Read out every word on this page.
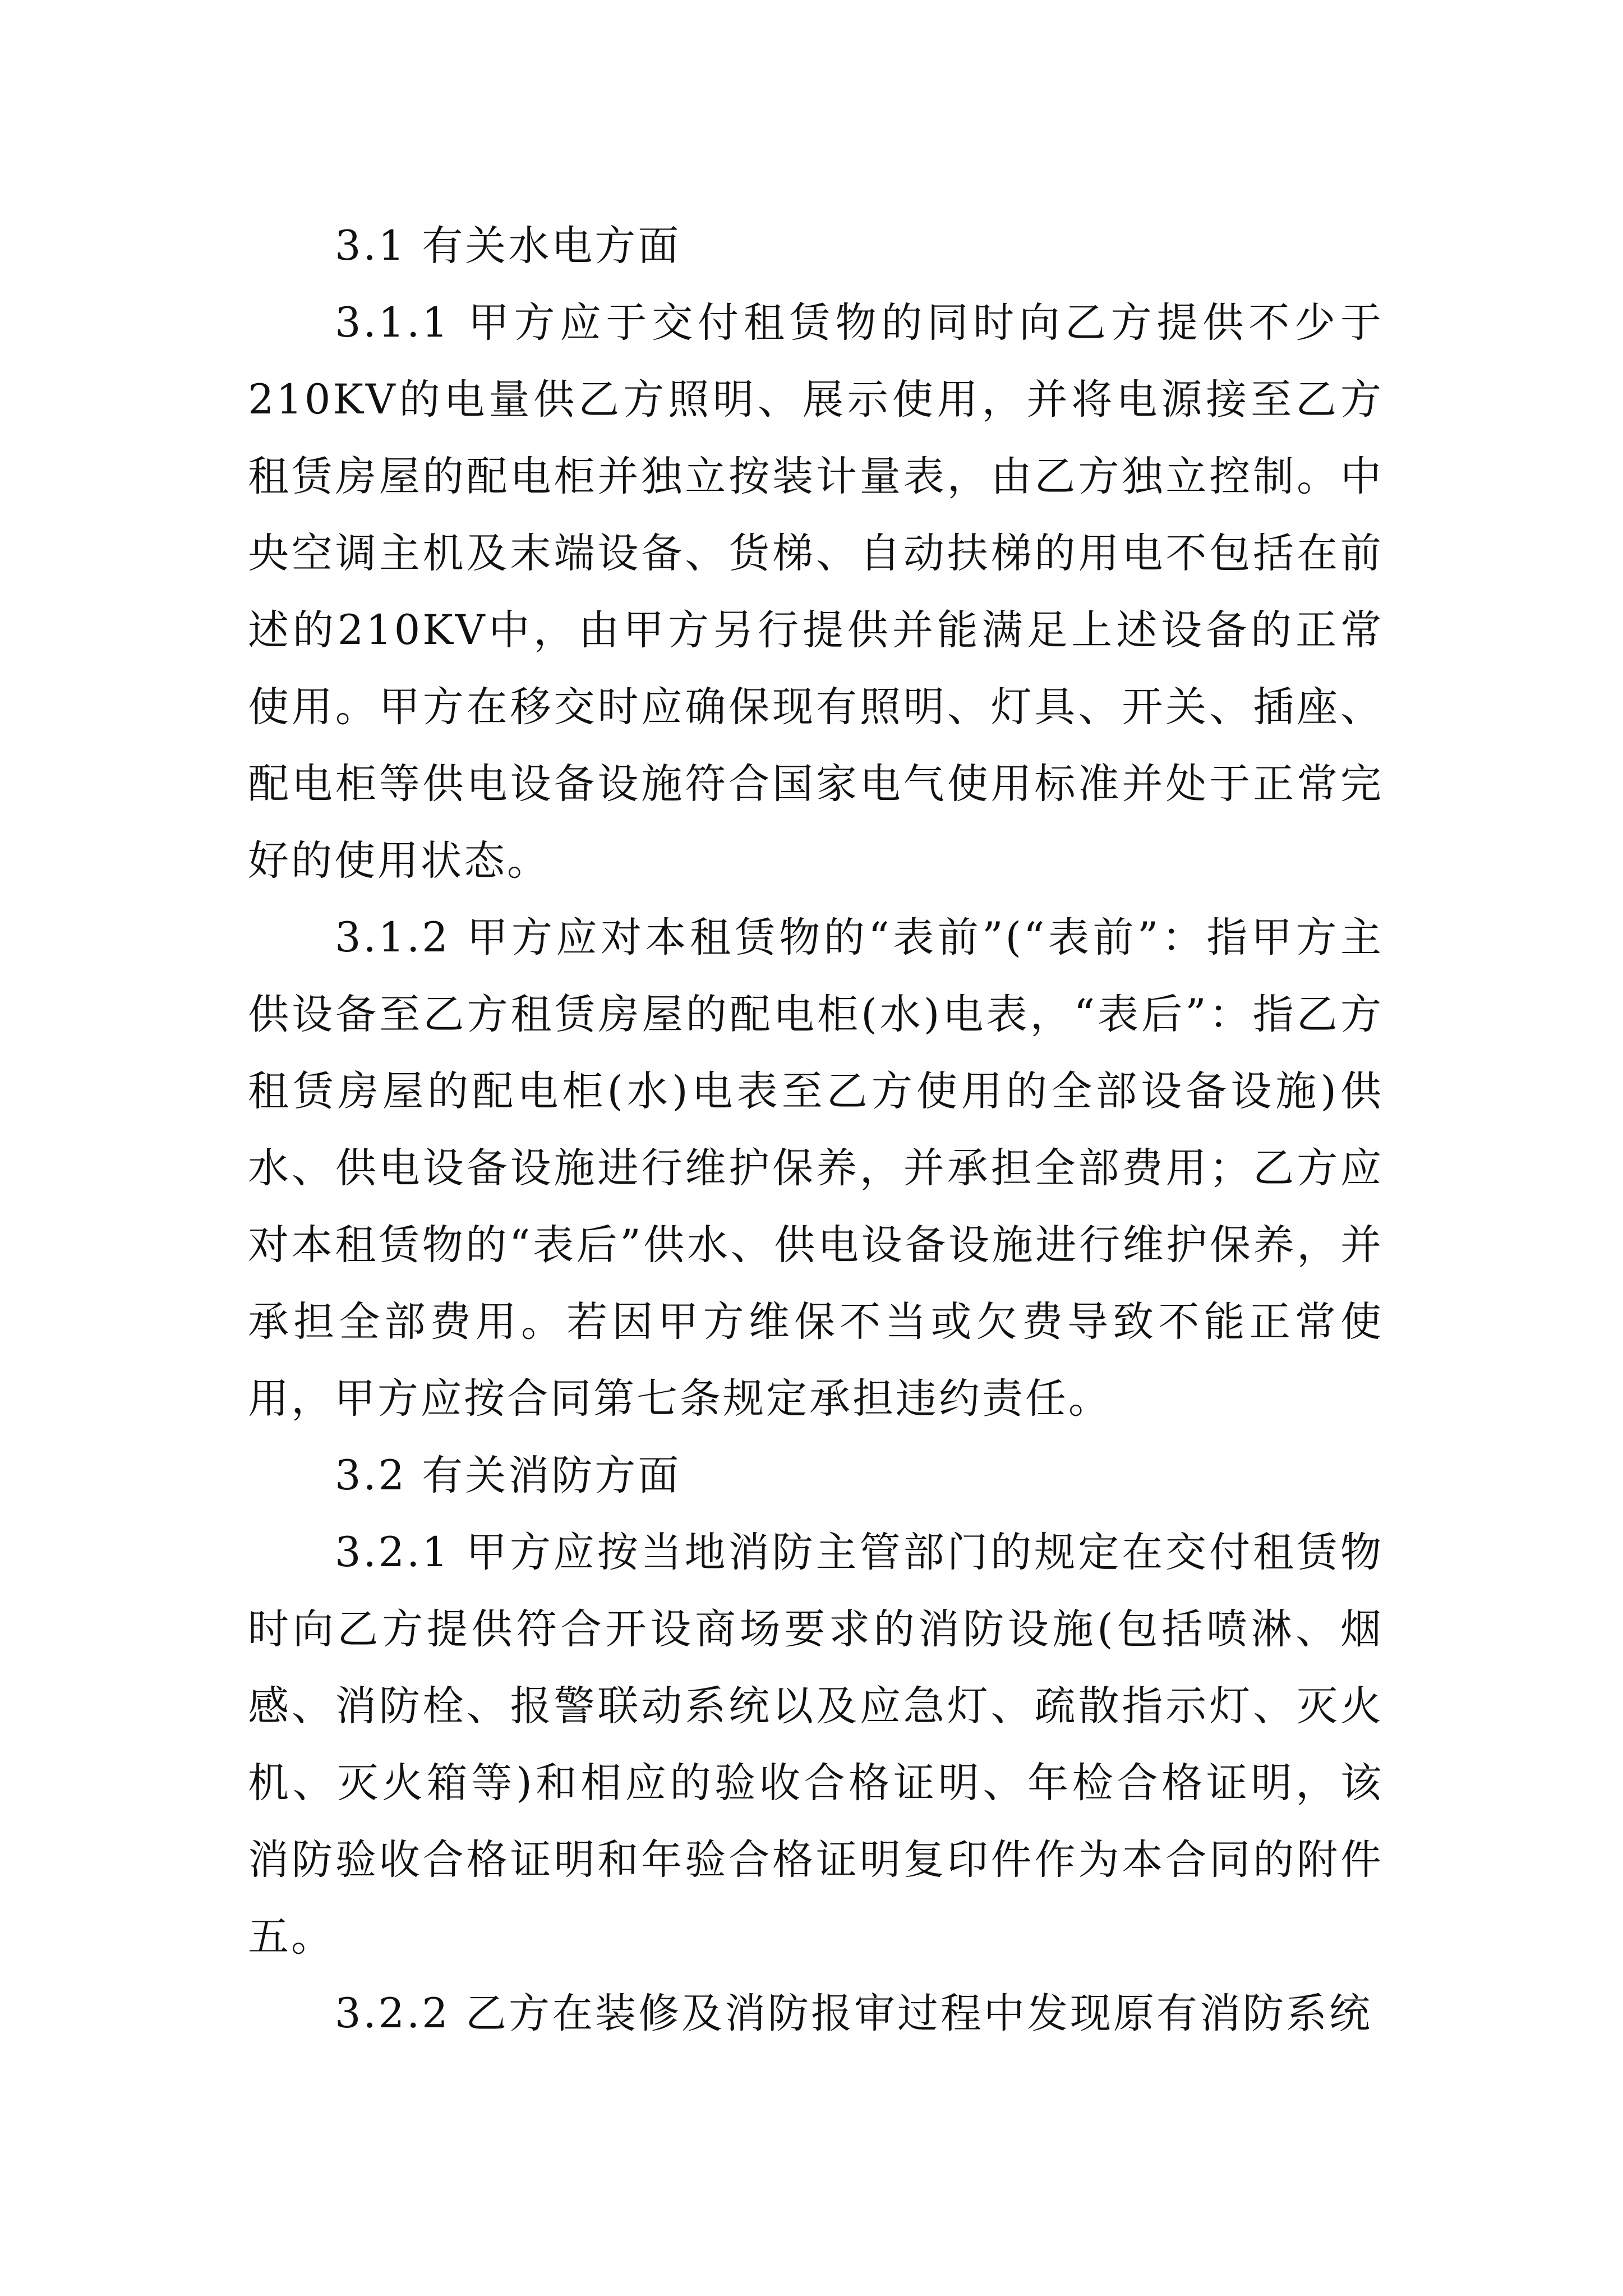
3.1 有关水电方面

3.1.1 甲方应于交付租赁物的同时向乙方提供不少于210KV的电量供乙方照明、展示使用，并将电源接至乙方租赁房屋的配电柜并独立按装计量表，由乙方独立控制。中央空调主机及末端设备、货梯、自动扶梯的用电不包括在前述的210KV中，由甲方另行提供并能满足上述设备的正常使用。甲方在移交时应确保现有照明、灯具、开关、插座、配电柜等供电设备设施符合国家电气使用标准并处于正常完好的使用状态。

3.1.2 甲方应对本租赁物的“表前”(“表前”：指甲方主供设备至乙方租赁房屋的配电柜(水)电表，“表后”：指乙方租赁房屋的配电柜(水)电表至乙方使用的全部设备设施)供水、供电设备设施进行维护保养，并承担全部费用；乙方应对本租赁物的“表后”供水、供电设备设施进行维护保养，并承担全部费用。若因甲方维保不当或欠费导致不能正常使用，甲方应按合同第七条规定承担违约责任。

3.2 有关消防方面

3.2.1 甲方应按当地消防主管部门的规定在交付租赁物时向乙方提供符合开设商场要求的消防设施(包括喷淋、烟感、消防栓、报警联动系统以及应急灯、疏散指示灯、灭火机、灭火箱等)和相应的验收合格证明、年检合格证明，该消防验收合格证明和年验合格证明复印件作为本合同的附件五。

3.2.2 乙方在装修及消防报审过程中发现原有消防系统
